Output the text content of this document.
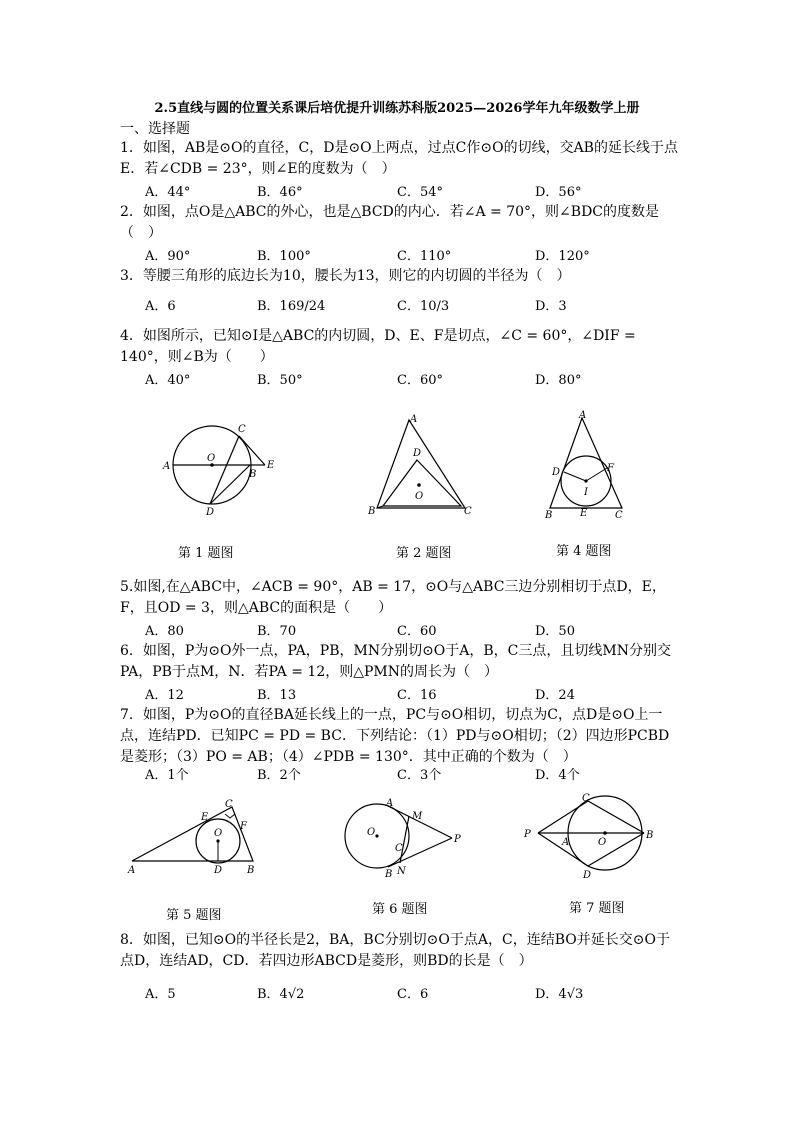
2.5直线与圆的位置关系课后培优提升训练苏科版2025—2026学年九年级数学上册
一、选择题
1．如图，AB是⊙O的直径，C，D是⊙O上两点，过点C作⊙O的切线，交AB的延长线于点E．若∠CDB = 23°，则∠E的度数为（　）
A．44°	B．46°	C．54°	D．56°
2．如图，点O是△ABC的外心，也是△BCD的内心．若∠A = 70°，则∠BDC的度数是（　）
A．90°	B．100°	C．110°	D．120°
3．等腰三角形的底边长为10，腰长为13，则它的内切圆的半径为（　）
A．6	B．169/24	C．10/3	D．3
4．如图所示，已知⊙I是△ABC的内切圆，D、E、F是切点，∠C = 60°，∠DIF = 140°，则∠B为（　　）
A．40°	B．50°	C．60°	D．80°
A
O
C
B
E
D
第 1 题图
A
D
O
B	C
第 2 题图
A
D	F
I
B	E	C
第 4 题图
5.如图,在△ABC中，∠ACB = 90°，AB = 17，⊙O与△ABC三边分别相切于点D，E，F，且OD = 3，则△ABC的面积是（　　）
A．80	B．70	C．60	D．50
6．如图，P为⊙O外一点，PA，PB，MN分别切⊙O于A，B，C三点，且切线MN分别交PA，PB于点M，N．若PA = 12，则△PMN的周长为（　）
A．12	B．13	C．16	D．24
7．如图，P为⊙O的直径BA延长线上的一点，PC与⊙O相切，切点为C，点D是⊙O上一点，连结PD．已知PC = PD = BC．下列结论：（1）PD与⊙O相切；（2）四边形PCBD是菱形；（3）PO = AB；（4）∠PDB = 130°．其中正确的个数为（　）
A．1个	B．2个	C．3个	D．4个
E
C
F
O
A	D B
第 5 题图
A
M
O
C
P
B N
第 6 题图
C
P
A	O
B
D
第 7 题图
8．如图，已知⊙O的半径长是2，BA，BC分别切⊙O于点A，C，连结BO并延长交⊙O于点D，连结AD，CD．若四边形ABCD是菱形，则BD的长是（　）
A．5	B．4√2	C．6	D．4√3
